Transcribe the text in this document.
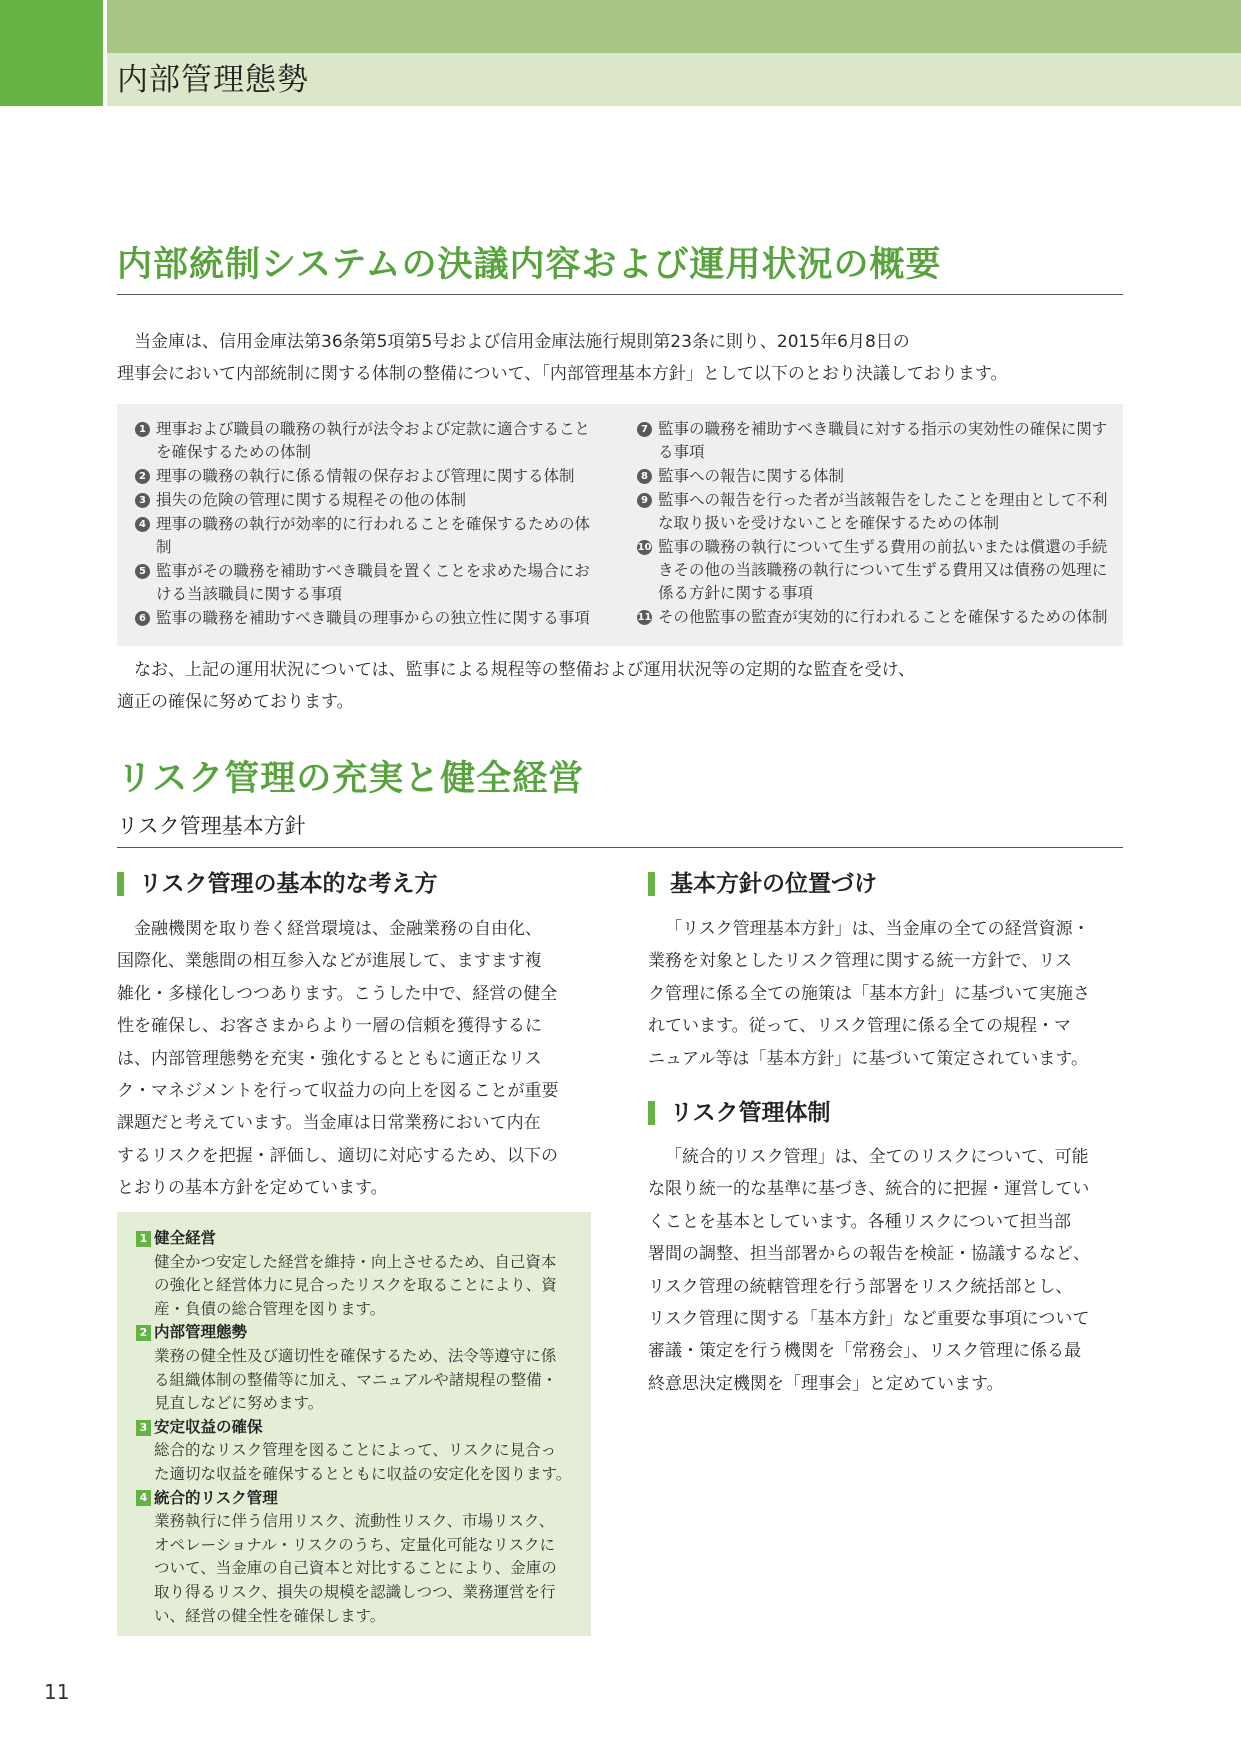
内部管理態勢
内部統制システムの決議内容および運用状況の概要
当金庫は、信用金庫法第36条第5項第5号および信用金庫法施行規則第23条に則り、2015年6月8日の
理事会において内部統制に関する体制の整備について、「内部管理基本方針」として以下のとおり決議しております。
1 理事および職員の職務の執行が法令および定款に適合することを確保するための体制
2 理事の職務の執行に係る情報の保存および管理に関する体制
3 損失の危険の管理に関する規程その他の体制
4 理事の職務の執行が効率的に行われることを確保するための体制
5 監事がその職務を補助すべき職員を置くことを求めた場合における当該職員に関する事項
6 監事の職務を補助すべき職員の理事からの独立性に関する事項
7 監事の職務を補助すべき職員に対する指示の実効性の確保に関する事項
8 監事への報告に関する体制
9 監事への報告を行った者が当該報告をしたことを理由として不利な取り扱いを受けないことを確保するための体制
10 監事の職務の執行について生ずる費用の前払いまたは償還の手続きその他の当該職務の執行について生ずる費用又は債務の処理に係る方針に関する事項
11 その他監事の監査が実効的に行われることを確保するための体制
なお、上記の運用状況については、監事による規程等の整備および運用状況等の定期的な監査を受け、
適正の確保に努めております。
リスク管理の充実と健全経営
リスク管理基本方針
リスク管理の基本的な考え方
金融機関を取り巻く経営環境は、金融業務の自由化、
国際化、業態間の相互参入などが進展して、ますます複
雑化・多様化しつつあります。こうした中で、経営の健全
性を確保し、お客さまからより一層の信頼を獲得するに
は、内部管理態勢を充実・強化するとともに適正なリス
ク・マネジメントを行って収益力の向上を図ることが重要
課題だと考えています。当金庫は日常業務において内在
するリスクを把握・評価し、適切に対応するため、以下の
とおりの基本方針を定めています。
1 健全経営
健全かつ安定した経営を維持・向上させるため、自己資本
の強化と経営体力に見合ったリスクを取ることにより、資
産・負債の総合管理を図ります。
2 内部管理態勢
業務の健全性及び適切性を確保するため、法令等遵守に係
る組織体制の整備等に加え、マニュアルや諸規程の整備・
見直しなどに努めます。
3 安定収益の確保
総合的なリスク管理を図ることによって、リスクに見合っ
た適切な収益を確保するとともに収益の安定化を図ります。
4 統合的リスク管理
業務執行に伴う信用リスク、流動性リスク、市場リスク、
オペレーショナル・リスクのうち、定量化可能なリスクに
ついて、当金庫の自己資本と対比することにより、金庫の
取り得るリスク、損失の規模を認識しつつ、業務運営を行
い、経営の健全性を確保します。
基本方針の位置づけ
「リスク管理基本方針」は、当金庫の全ての経営資源・
業務を対象としたリスク管理に関する統一方針で、リス
ク管理に係る全ての施策は「基本方針」に基づいて実施さ
れています。従って、リスク管理に係る全ての規程・マ
ニュアル等は「基本方針」に基づいて策定されています。
リスク管理体制
「統合的リスク管理」は、全てのリスクについて、可能
な限り統一的な基準に基づき、統合的に把握・運営してい
くことを基本としています。各種リスクについて担当部
署間の調整、担当部署からの報告を検証・協議するなど、
リスク管理の統轄管理を行う部署をリスク統括部とし、
リスク管理に関する「基本方針」など重要な事項について
審議・策定を行う機関を「常務会」、リスク管理に係る最
終意思決定機関を「理事会」と定めています。
11
